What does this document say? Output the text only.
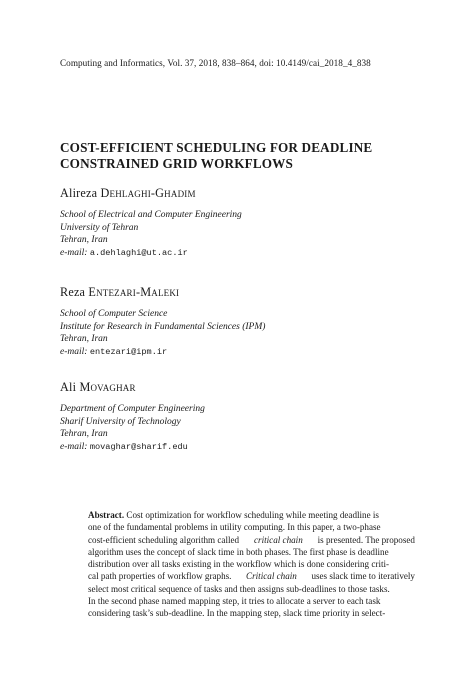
Computing and Informatics, Vol. 37, 2018, 838–864, doi: 10.4149/cai_2018_4_838
COST-EFFICIENT SCHEDULING FOR DEADLINE
CONSTRAINED GRID WORKFLOWS
Alireza Dehlaghi-Ghadim
School of Electrical and Computer Engineering
University of Tehran
Tehran, Iran
e-mail: a.dehlaghi@ut.ac.ir
Reza Entezari-Maleki
School of Computer Science
Institute for Research in Fundamental Sciences (IPM)
Tehran, Iran
e-mail: entezari@ipm.ir
Ali Movaghar
Department of Computer Engineering
Sharif University of Technology
Tehran, Iran
e-mail: movaghar@sharif.edu
Abstract. Cost optimization for workflow scheduling while meeting deadline is
one of the fundamental problems in utility computing. In this paper, a two-phase
cost-efficient scheduling algorithm called critical chain is presented. The proposed
algorithm uses the concept of slack time in both phases. The first phase is deadline
distribution over all tasks existing in the workflow which is done considering criti-
cal path properties of workflow graphs. Critical chain uses slack time to iteratively
select most critical sequence of tasks and then assigns sub-deadlines to those tasks.
In the second phase named mapping step, it tries to allocate a server to each task
considering task’s sub-deadline. In the mapping step, slack time priority in select-
